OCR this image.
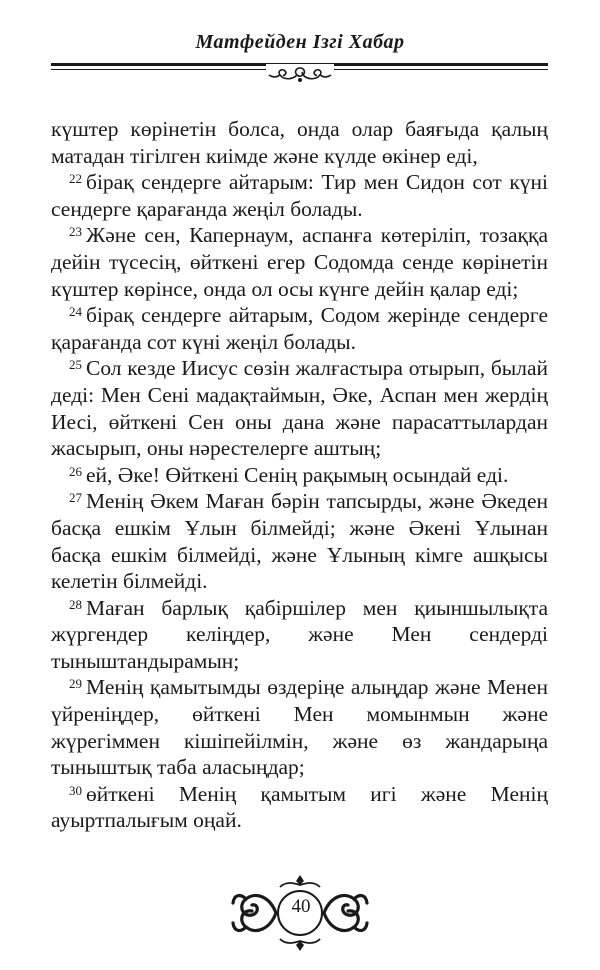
Матфейден Ізгі Хабар

күштер көрінетін болса, онда олар баяғыда қалың матадан тігілген киімде және күлде өкінер еді,

$^{22}$ бірақ сендерге айтарым: Тир мен Сидон сот күні сендерге қарағанда жеңіл болады.

$^{23}$ Және сен, Капернаум, аспанға көтеріліп, тозаққа дейін түсесің, өйткені егер Содомда сенде көрінетін күштер көрінсе, онда ол осы күнге дейін қалар еді;

$^{24}$ бірақ сендерге айтарым, Содом жерінде сендерге қарағанда сот күні жеңіл болады.

$^{25}$ Сол кезде Иисус сөзін жалғастыра отырып, былай деді: Мен Сені мадақтаймын, Әке, Аспан мен жердің Иесі, өйткені Сен оны дана және парасаттылардан жасырып, оны нәрестелерге аштың;

$^{26}$ ей, Әке! Өйткені Сенің рақымың осындай еді.

$^{27}$ Менің Әкем Маған бәрін тапсырды, және Әкеден басқа ешкім Ұлын білмейді; және Әкені Ұлынан басқа ешкім білмейді, және Ұлының кімге ашқысы келетін білмейді.

$^{28}$ Маған барлық қабіршілер мен қиыншылықта жүргендер келіңдер, және Мен сендерді тыныштандырамын;

$^{29}$ Менің қамытымды өздеріңе алыңдар және Менен үйреніңдер, өйткені Мен момынмын және жүрегіммен кішіпейілмін, және өз жандарыңа тыныштық таба аласыңдар;

$^{30}$ өйткені Менің қамытым игі және Менің ауыртпалығым оңай.

40
